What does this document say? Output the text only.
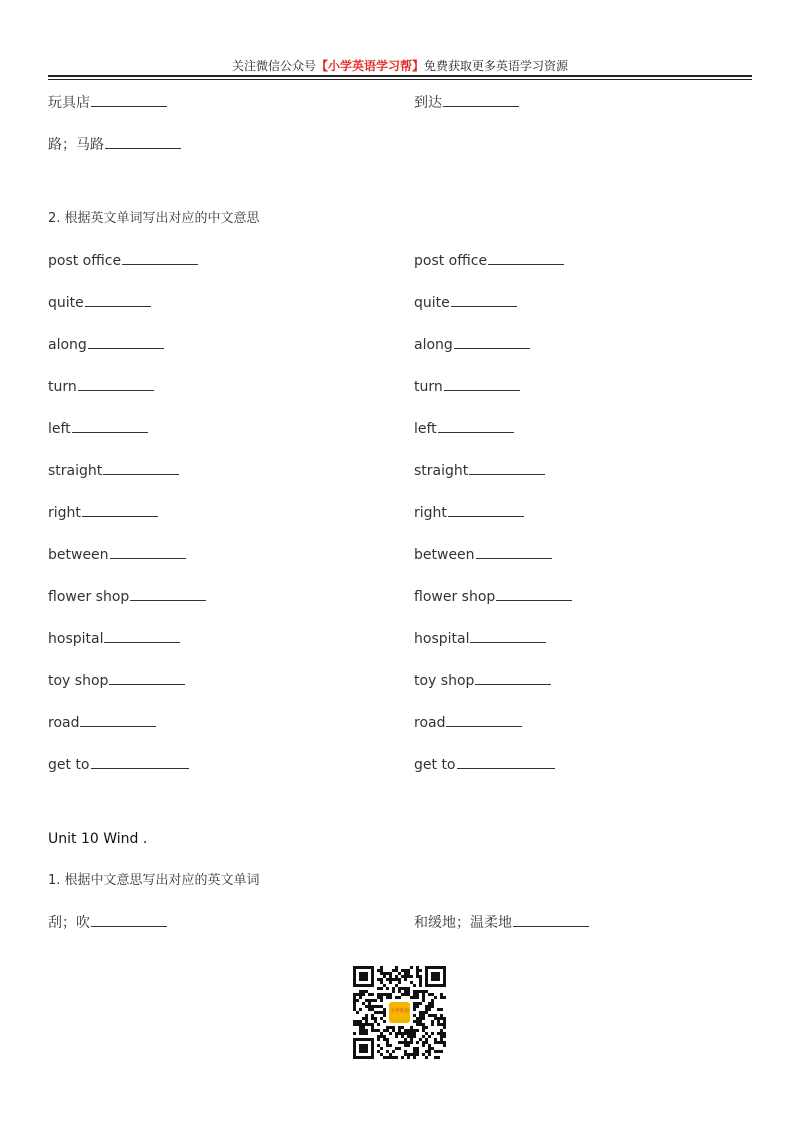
关注微信公众号【小学英语学习帮】免费获取更多英语学习资源
玩具店	到达
路；马路
2. 根据英文单词写出对应的中文意思
post office	post office
quite	quite
along	along
turn	turn
left	left
straight	straight
right	right
between	between
flower shop	flower shop
hospital	hospital
toy shop	toy shop
road	road
get to	get to
Unit 10 Wind .
1. 根据中文意思写出对应的英文单词
刮；吹	和缓地；温柔地
小学英语
